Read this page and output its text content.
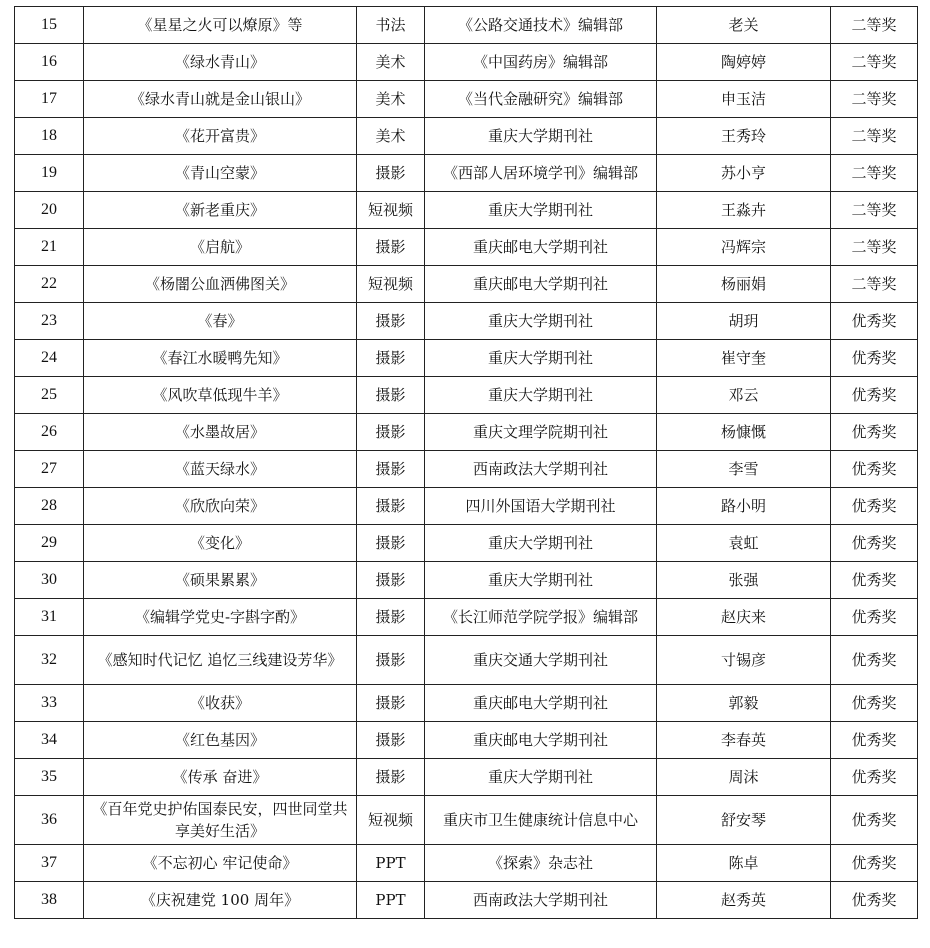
15	《星星之火可以燎原》等	书法	《公路交通技术》编辑部	老关	二等奖
16	《绿水青山》	美术	《中国药房》编辑部	陶婷婷	二等奖
17	《绿水青山就是金山银山》	美术	《当代金融研究》编辑部	申玉洁	二等奖
18	《花开富贵》	美术	重庆大学期刊社	王秀玲	二等奖
19	《青山空蒙》	摄影	《西部人居环境学刊》编辑部	苏小亨	二等奖
20	《新老重庆》	短视频	重庆大学期刊社	王淼卉	二等奖
21	《启航》	摄影	重庆邮电大学期刊社	冯辉宗	二等奖
22	《杨闇公血洒佛图关》	短视频	重庆邮电大学期刊社	杨丽娟	二等奖
23	《春》	摄影	重庆大学期刊社	胡玥	优秀奖
24	《春江水暖鸭先知》	摄影	重庆大学期刊社	崔守奎	优秀奖
25	《风吹草低现牛羊》	摄影	重庆大学期刊社	邓云	优秀奖
26	《水墨故居》	摄影	重庆文理学院期刊社	杨慷慨	优秀奖
27	《蓝天绿水》	摄影	西南政法大学期刊社	李雪	优秀奖
28	《欣欣向荣》	摄影	四川外国语大学期刊社	路小明	优秀奖
29	《变化》	摄影	重庆大学期刊社	袁虹	优秀奖
30	《硕果累累》	摄影	重庆大学期刊社	张强	优秀奖
31	《编辑学党史-字斟字酌》	摄影	《长江师范学院学报》编辑部	赵庆来	优秀奖
32	《感知时代记忆 追忆三线建设芳华》	摄影	重庆交通大学期刊社	寸锡彦	优秀奖
33	《收获》	摄影	重庆邮电大学期刊社	郭毅	优秀奖
34	《红色基因》	摄影	重庆邮电大学期刊社	李春英	优秀奖
35	《传承 奋进》	摄影	重庆大学期刊社	周沫	优秀奖
36	《百年党史护佑国泰民安，四世同堂共享美好生活》	短视频	重庆市卫生健康统计信息中心	舒安琴	优秀奖
37	《不忘初心 牢记使命》	PPT	《探索》杂志社	陈卓	优秀奖
38	《庆祝建党 100 周年》	PPT	西南政法大学期刊社	赵秀英	优秀奖
